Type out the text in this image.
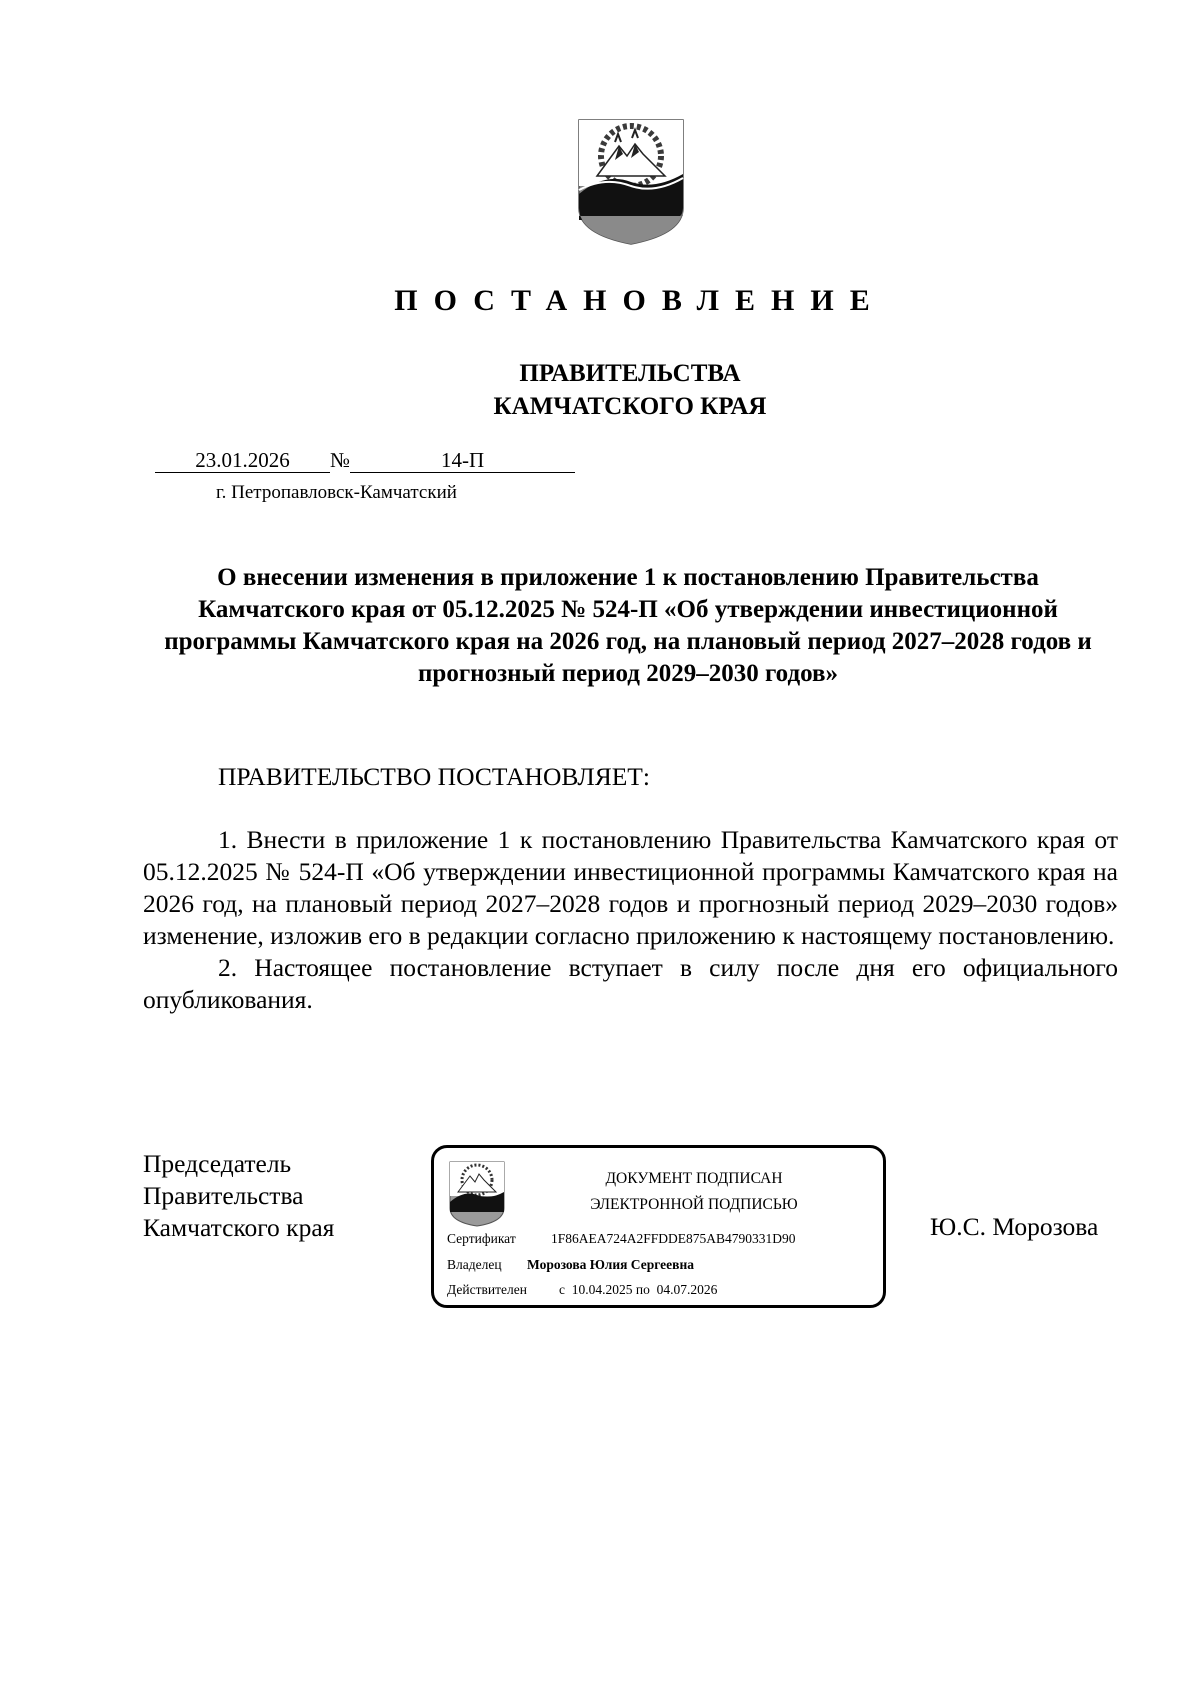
ПОСТАНОВЛЕНИЕ
ПРАВИТЕЛЬСТВА
КАМЧАТСКОГО КРАЯ
23.01.2026 №	14-П
г. Петропавловск-Камчатский
О внесении изменения в приложение 1 к постановлению Правительства Камчатского края от 05.12.2025 № 524-П «Об утверждении инвестиционной программы Камчатского края на 2026 год, на плановый период 2027–2028 годов и прогнозный период 2029–2030 годов»
ПРАВИТЕЛЬСТВО ПОСТАНОВЛЯЕТ:

1. Внести в приложение 1 к постановлению Правительства Камчатского края от 05.12.2025 № 524-П «Об утверждении инвестиционной программы Камчатского края на 2026 год, на плановый период 2027–2028 годов и прогнозный период 2029–2030 годов» изменение, изложив его в редакции согласно приложению к настоящему постановлению.

2. Настоящее постановление вступает в силу после дня его официального опубликования.

Председатель
Правительства
Камчатского края	Ю.С. Морозова
ДОКУМЕНТ ПОДПИСАН
ЭЛЕКТРОННОЙ ПОДПИСЬЮ
Сертификат	1F86AEA724A2FFDDE875AB4790331D90
Владелец Морозова Юлия Сергеевна
Действителен с 10.04.2025 по 04.07.2026
